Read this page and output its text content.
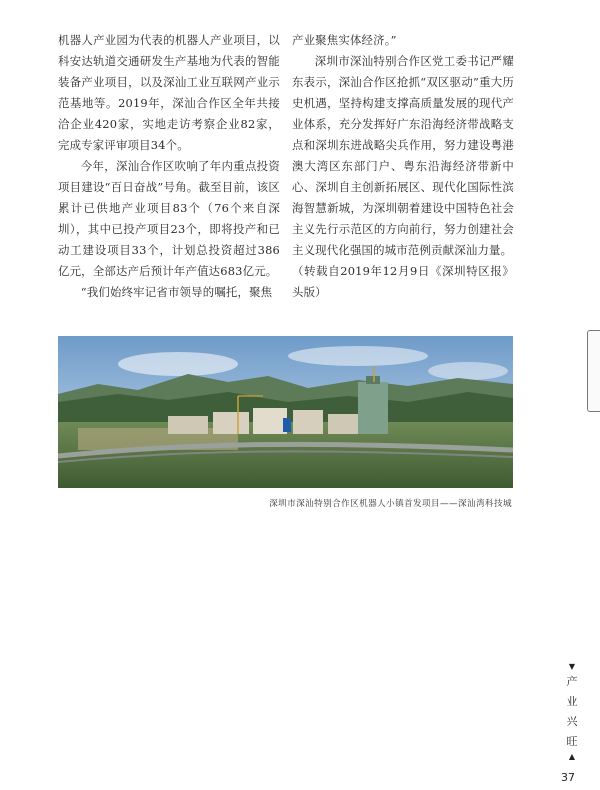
机器人产业园为代表的机器人产业项目，以科安达轨道交通研发生产基地为代表的智能装备产业项目，以及深汕工业互联网产业示范基地等。2019年，深汕合作区全年共接洽企业420家，实地走访考察企业82家，完成专家评审项目34个。

今年，深汕合作区吹响了年内重点投资项目建设“百日奋战”号角。截至目前，该区累计已供地产业项目83个（76个来自深圳），其中已投产项目23个，即将投产和已动工建设项目33个，计划总投资超过386亿元，全部达产后预计年产值达683亿元。

“我们始终牢记省市领导的嘱托，聚焦

产业聚焦实体经济。”

深圳市深汕特别合作区党工委书记严耀东表示，深汕合作区抢抓“双区驱动”重大历史机遇，坚持构建支撑高质量发展的现代产业体系，充分发挥好广东沿海经济带战略支点和深圳东进战略尖兵作用，努力建设粤港澳大湾区东部门户、粤东沿海经济带新中心、深圳自主创新拓展区、现代化国际性滨海智慧新城，为深圳朝着建设中国特色社会主义先行示范区的方向前行，努力创建社会主义现代化强国的城市范例贡献深汕力量。

（转载自2019年12月9日《深圳特区报》头版）

深圳市深汕特别合作区机器人小镇首发项目——深汕湾科技城
▼
产
业
兴
旺
▲
37
